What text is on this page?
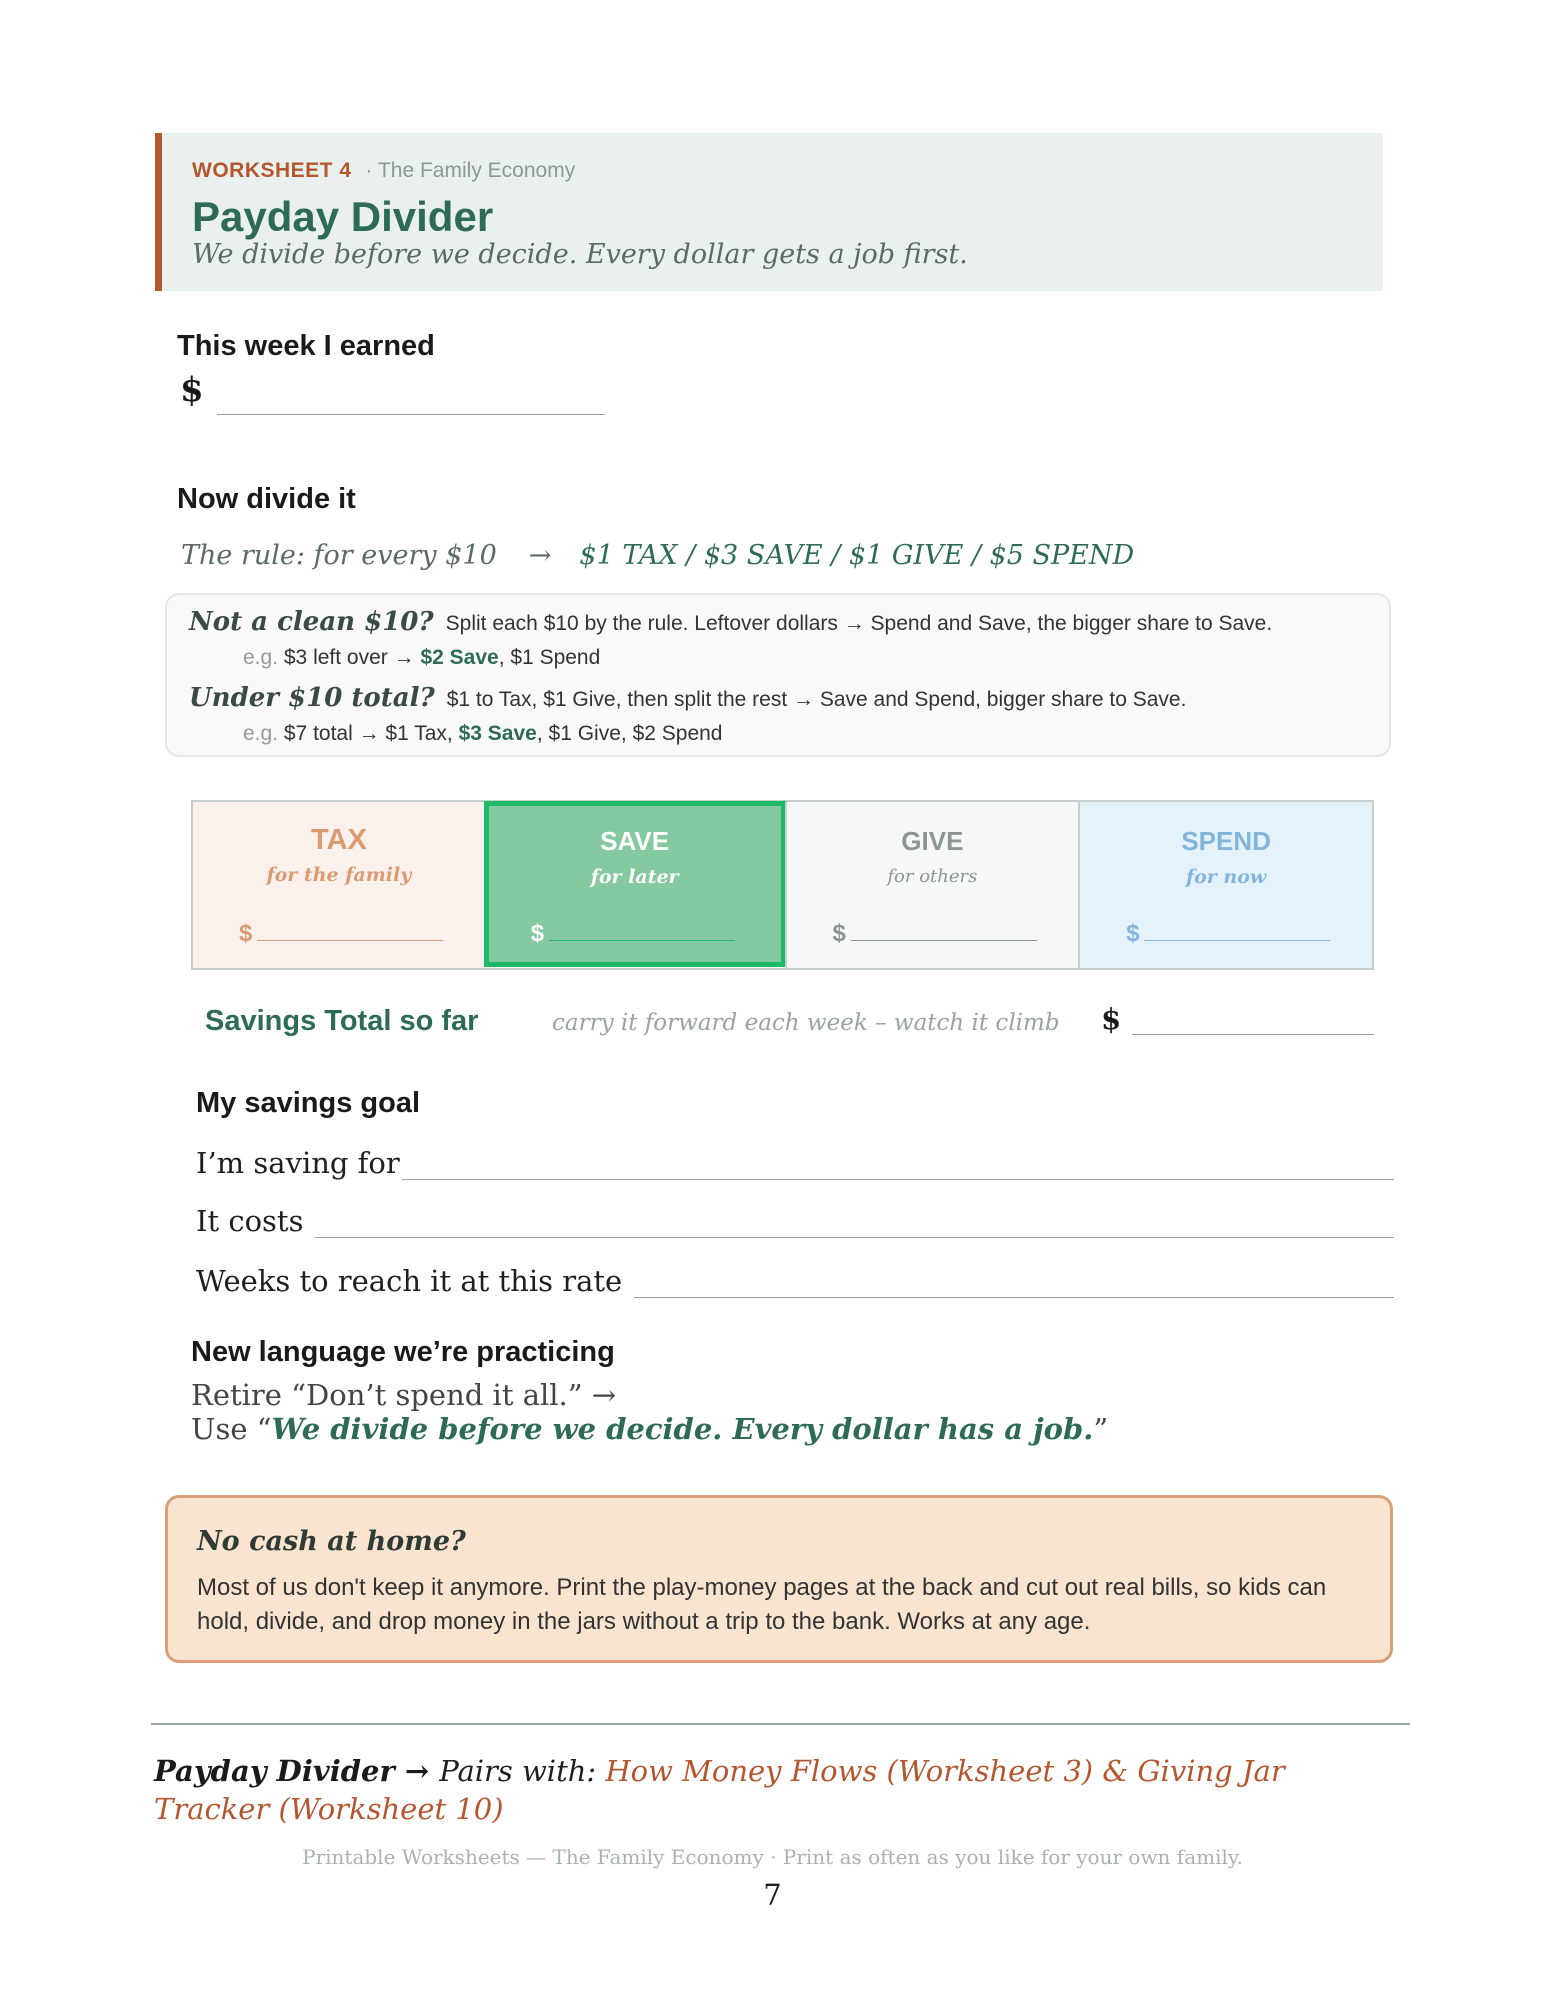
WORKSHEET 4 · The Family Economy
Payday Divider
We divide before we decide. Every dollar gets a job first.
This week I earned
$
Now divide it
The rule: for every $10 → $1 TAX / $3 SAVE / $1 GIVE / $5 SPEND
Not a clean $10? Split each $10 by the rule. Leftover dollars → Spend and Save, the bigger share to Save.
e.g. $3 left over → $2 Save, $1 Spend
Under $10 total? $1 to Tax, $1 Give, then split the rest → Save and Spend, bigger share to Save.
e.g. $7 total → $1 Tax, $3 Save, $1 Give, $2 Spend
TAX
for the family
$
SAVE
for later
$
GIVE
for others
$
SPEND
for now
$
Savings Total so far	carry it forward each week – watch it climb $
My savings goal
I’m saving for
It costs
Weeks to reach it at this rate
New language we’re practicing
Retire “Don’t spend it all.” →
Use “We divide before we decide. Every dollar has a job.”
No cash at home?
Most of us don't keep it anymore. Print the play-money pages at the back and cut out real bills, so kids can hold, divide, and drop money in the jars without a trip to the bank. Works at any age.
Payday Divider → Pairs with: How Money Flows (Worksheet 3) & Giving Jar Tracker (Worksheet 10)
Printable Worksheets — The Family Economy · Print as often as you like for your own family.
7
